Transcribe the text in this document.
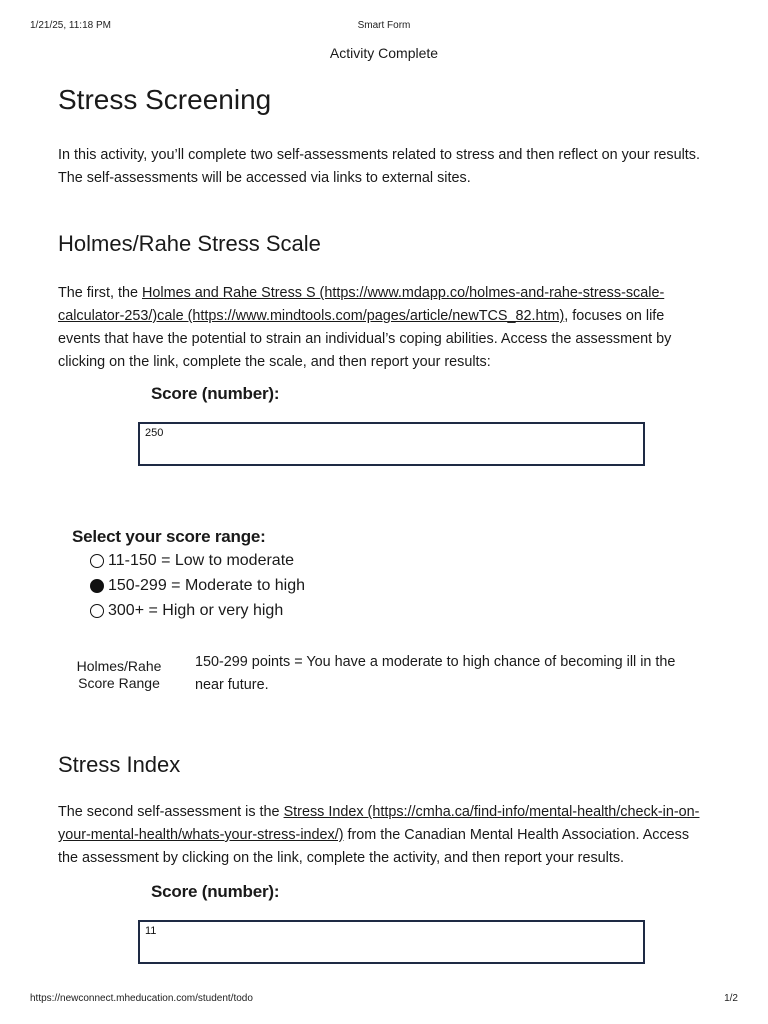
1/21/25, 11:18 PM	Smart Form
Activity Complete
Stress Screening

In this activity, you’ll complete two self-assessments related to stress and then reflect on your results. The self-assessments will be accessed via links to external sites.

Holmes/Rahe Stress Scale

The first, the Holmes and Rahe Stress S (https://www.mdapp.co/holmes-and-rahe-stress-scale-calculator-253/)cale (https://www.mindtools.com/pages/article/newTCS_82.htm), focuses on life events that have the potential to strain an individual’s coping abilities. Access the assessment by clicking on the link, complete the scale, and then report your results:

Score (number):
250
Select your score range:
11-150 = Low to moderate
150-299 = Moderate to high
300+ = High or very high
Holmes/Rahe Score Range
150-299 points = You have a moderate to high chance of becoming ill in the near future.
Stress Index

The second self-assessment is the Stress Index (https://cmha.ca/find-info/mental-health/check-in-on-your-mental-health/whats-your-stress-index/) from the Canadian Mental Health Association. Access the assessment by clicking on the link, complete the activity, and then report your results.

Score (number):
11
https://newconnect.mheducation.com/student/todo	1/2
